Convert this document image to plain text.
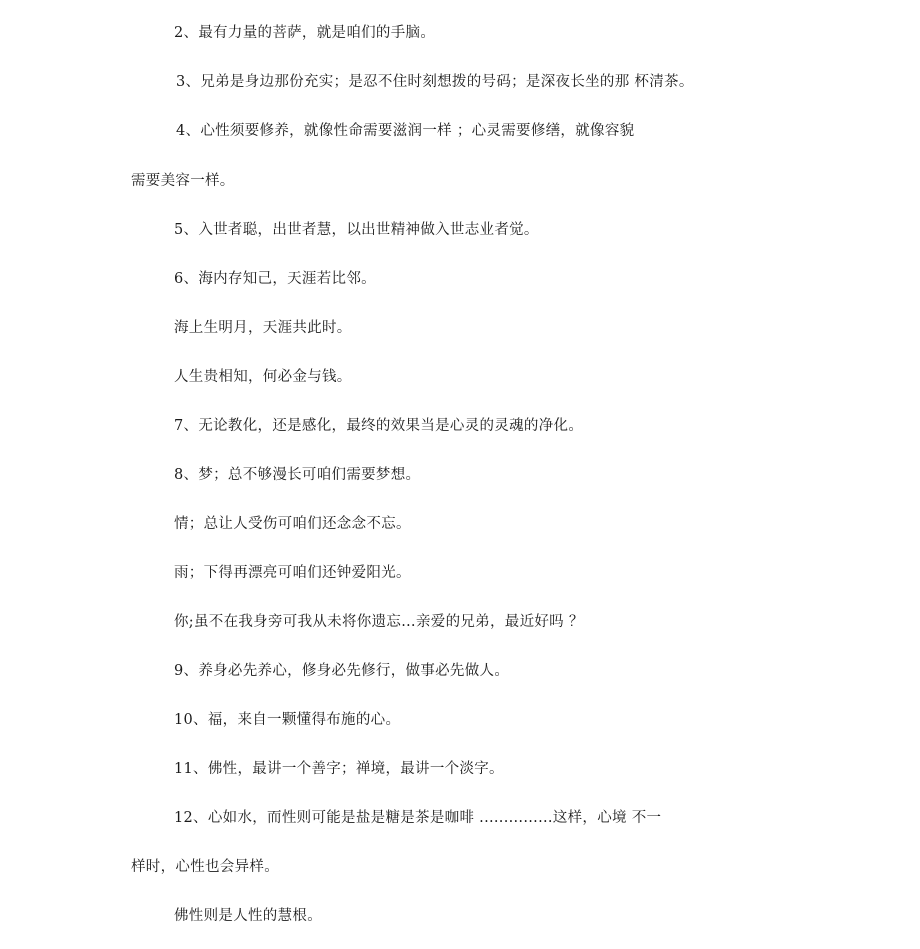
2、最有力量的菩萨，就是咱们的手脑。
3、兄弟是身边那份充实；是忍不住时刻想拨的号码；是深夜长坐的那 杯清茶。
4、心性须要修养，就像性命需要滋润一样 ；心灵需要修缮，就像容貌
需要美容一样。
5、入世者聪，出世者慧，以出世精神做入世志业者觉。
6、海内存知己，天涯若比邻。
海上生明月，天涯共此时。
人生贵相知，何必金与钱。
7、无论教化，还是感化，最终的效果当是心灵的灵魂的净化。
8、梦；总不够漫长可咱们需要梦想。
情；总让人受伤可咱们还念念不忘。
雨；下得再漂亮可咱们还钟爱阳光。
你;虽不在我身旁可我从未将你遗忘…亲爱的兄弟，最近好吗 ？
9、养身必先养心，修身必先修行，做事必先做人。
10、福，来自一颗懂得布施的心。
11、佛性，最讲一个善字；禅境，最讲一个淡字。
12、心如水，而性则可能是盐是糖是茶是咖啡 ...............这样，心境 不一
样时，心性也会异样。
佛性则是人性的慧根。
